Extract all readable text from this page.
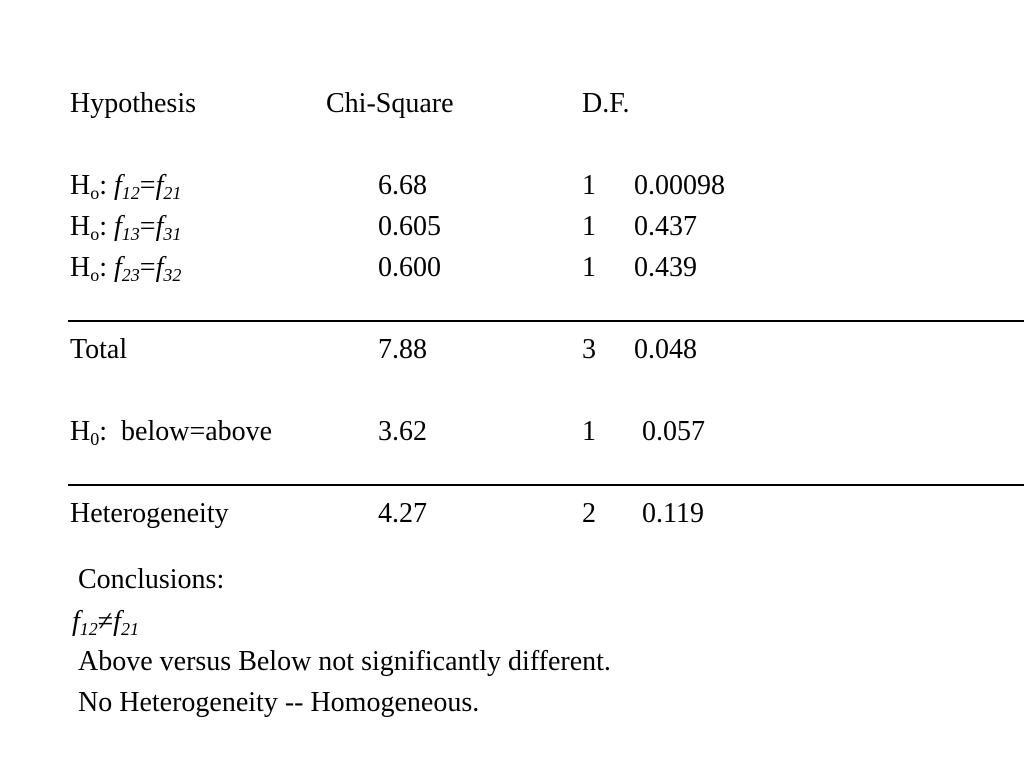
Hypothesis	Chi-Square	D.F.
$H_o$: $f_{12}=f_{21}$	6.68	1 0.00098
$H_o$: $f_{13}=f_{31}$	0.605	1 0.437
$H_o$: $f_{23}=f_{32}$	0.600	1 0.439
Total	7.88	3 0.048
$H_0$:  below=above	3.62	1 0.057
Heterogeneity	4.27	2 0.119
Conclusions:
$f_{12}\ne f_{21}$
Above versus Below not significantly different.
No Heterogeneity -- Homogeneous.
